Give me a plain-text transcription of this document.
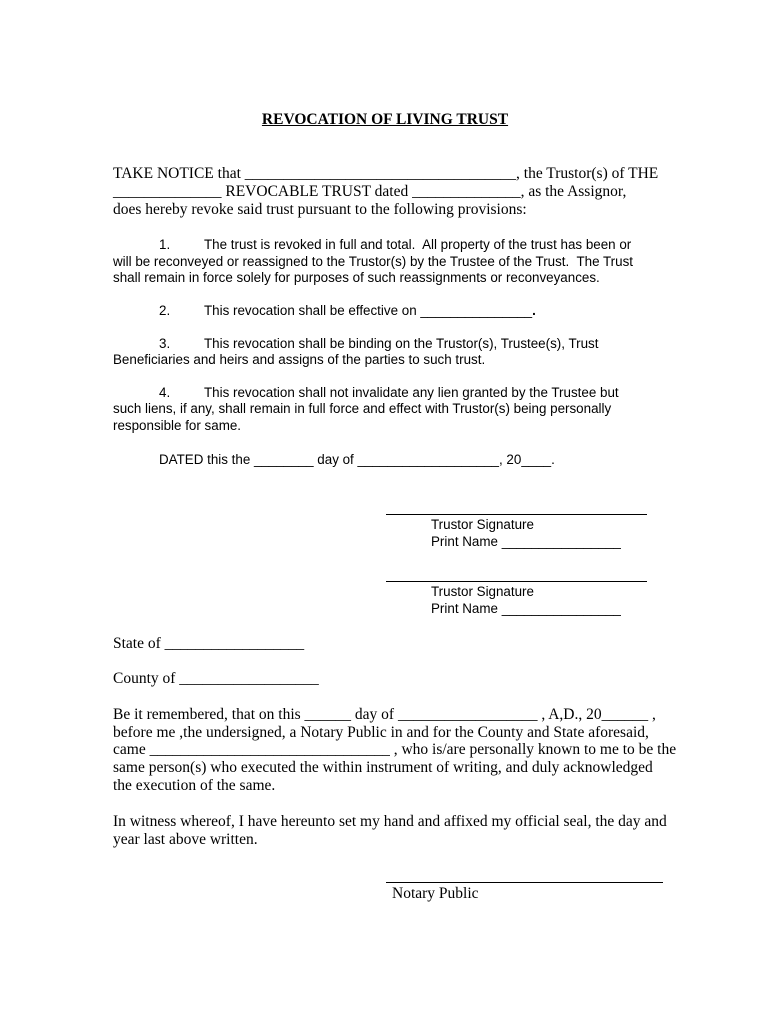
REVOCATION OF LIVING TRUST
TAKE NOTICE that ___________________________________, the Trustor(s) of THE
______________ REVOCABLE TRUST dated ______________, as the Assignor,
does hereby revoke said trust pursuant to the following provisions:
1.	The trust is revoked in full and total.  All property of the trust has been or
will be reconveyed or reassigned to the Trustor(s) by the Trustee of the Trust.  The Trust
shall remain in force solely for purposes of such reassignments or reconveyances.
2.	This revocation shall be effective on _______________.
3.	This revocation shall be binding on the Trustor(s), Trustee(s), Trust
Beneficiaries and heirs and assigns of the parties to such trust.
4.	This revocation shall not invalidate any lien granted by the Trustee but
such liens, if any, shall remain in full force and effect with Trustor(s) being personally
responsible for same.
DATED this the ________ day of ___________________, 20____.
Trustor Signature
Print Name ________________
Trustor Signature
Print Name ________________
State of __________________
County of __________________
Be it remembered, that on this ______ day of __________________ , A,D., 20______ ,
before me ,the undersigned, a Notary Public in and for the County and State aforesaid,
came _______________________________ , who is/are personally known to me to be the
same person(s) who executed the within instrument of writing, and duly acknowledged
the execution of the same.
In witness whereof, I have hereunto set my hand and affixed my official seal, the day and
year last above written.
Notary Public
